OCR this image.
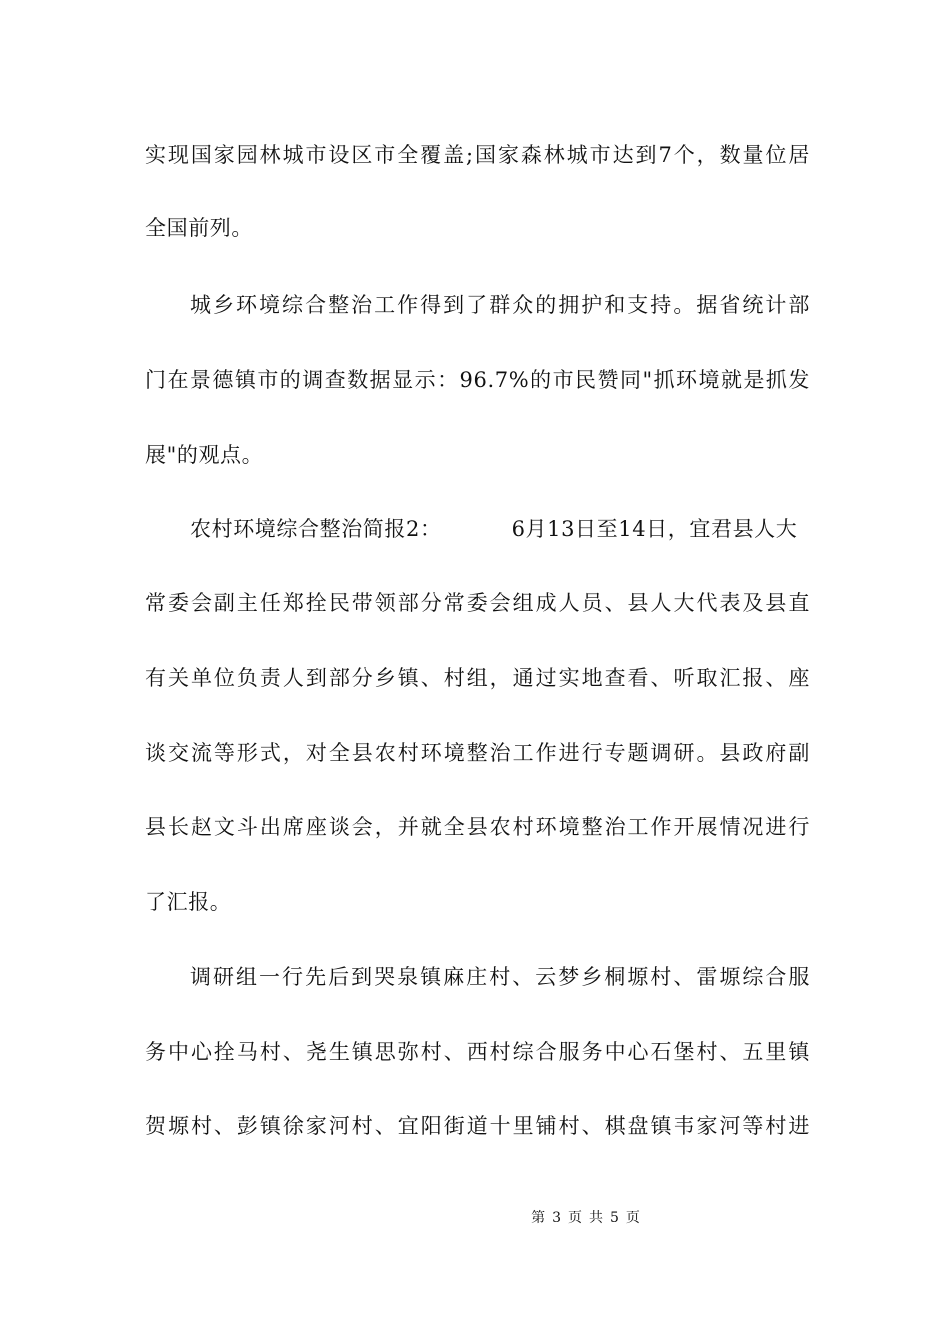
实现国家园林城市设区市全覆盖;国家森林城市达到7个，数量位居
全国前列。
城乡环境综合整治工作得到了群众的拥护和支持。据省统计部
门在景德镇市的调查数据显示：96.7%的市民赞同"抓环境就是抓发
展"的观点。
农村环境综合整治简报2：	6月13日至14日，宜君县人大
常委会副主任郑拴民带领部分常委会组成人员、县人大代表及县直
有关单位负责人到部分乡镇、村组，通过实地查看、听取汇报、座
谈交流等形式，对全县农村环境整治工作进行专题调研。县政府副
县长赵文斗出席座谈会，并就全县农村环境整治工作开展情况进行
了汇报。
调研组一行先后到哭泉镇麻庄村、云梦乡桐塬村、雷塬综合服
务中心拴马村、尧生镇思弥村、西村综合服务中心石堡村、五里镇
贺塬村、彭镇徐家河村、宜阳街道十里铺村、棋盘镇韦家河等村进
第 3 页 共 5 页
